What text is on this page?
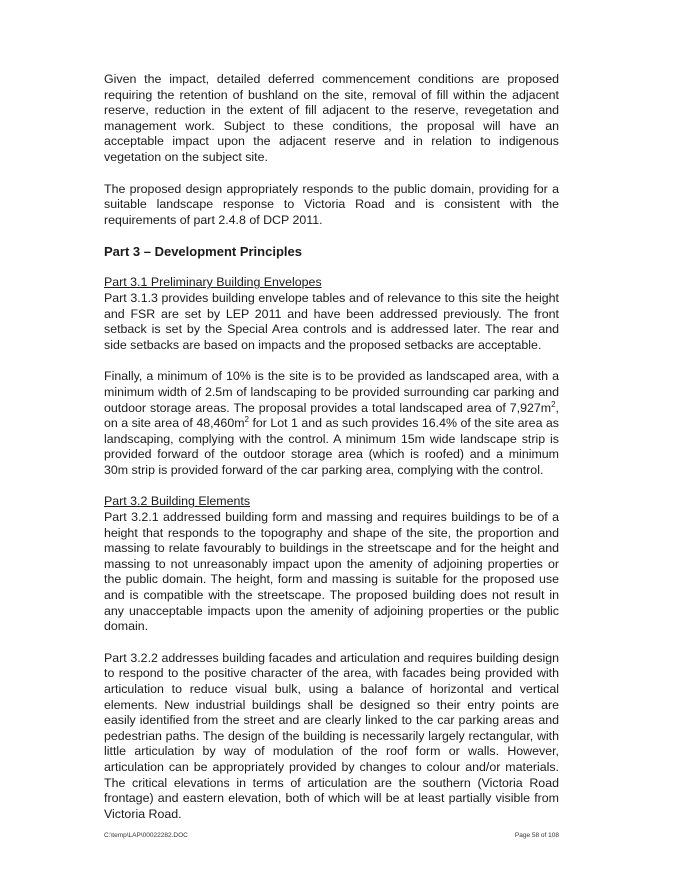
Given the impact, detailed deferred commencement conditions are proposed requiring the retention of bushland on the site, removal of fill within the adjacent reserve, reduction in the extent of fill adjacent to the reserve, revegetation and management work. Subject to these conditions, the proposal will have an acceptable impact upon the adjacent reserve and in relation to indigenous vegetation on the subject site.

The proposed design appropriately responds to the public domain, providing for a suitable landscape response to Victoria Road and is consistent with the requirements of part 2.4.8 of DCP 2011.

Part 3 – Development Principles
Part 3.1 Preliminary Building Envelopes

Part 3.1.3 provides building envelope tables and of relevance to this site the height and FSR are set by LEP 2011 and have been addressed previously. The front setback is set by the Special Area controls and is addressed later. The rear and side setbacks are based on impacts and the proposed setbacks are acceptable.

Finally, a minimum of 10% is the site is to be provided as landscaped area, with a minimum width of 2.5m of landscaping to be provided surrounding car parking and outdoor storage areas. The proposal provides a total landscaped area of $7,927m^2$, on a site area of $48,460m^2$ for Lot 1 and as such provides 16.4% of the site area as landscaping, complying with the control. A minimum 15m wide landscape strip is provided forward of the outdoor storage area (which is roofed) and a minimum 30m strip is provided forward of the car parking area, complying with the control.

Part 3.2 Building Elements

Part 3.2.1 addressed building form and massing and requires buildings to be of a height that responds to the topography and shape of the site, the proportion and massing to relate favourably to buildings in the streetscape and for the height and massing to not unreasonably impact upon the amenity of adjoining properties or the public domain. The height, form and massing is suitable for the proposed use and is compatible with the streetscape. The proposed building does not result in any unacceptable impacts upon the amenity of adjoining properties or the public domain.

Part 3.2.2 addresses building facades and articulation and requires building design to respond to the positive character of the area, with facades being provided with articulation to reduce visual bulk, using a balance of horizontal and vertical elements. New industrial buildings shall be designed so their entry points are easily identified from the street and are clearly linked to the car parking areas and pedestrian paths. The design of the building is necessarily largely rectangular, with little articulation by way of modulation of the roof form or walls. However, articulation can be appropriately provided by changes to colour and/or materials. The critical elevations in terms of articulation are the southern (Victoria Road frontage) and eastern elevation, both of which will be at least partially visible from Victoria Road.

C:\temp\LAP\00022282.DOC	Page 58 of 108
